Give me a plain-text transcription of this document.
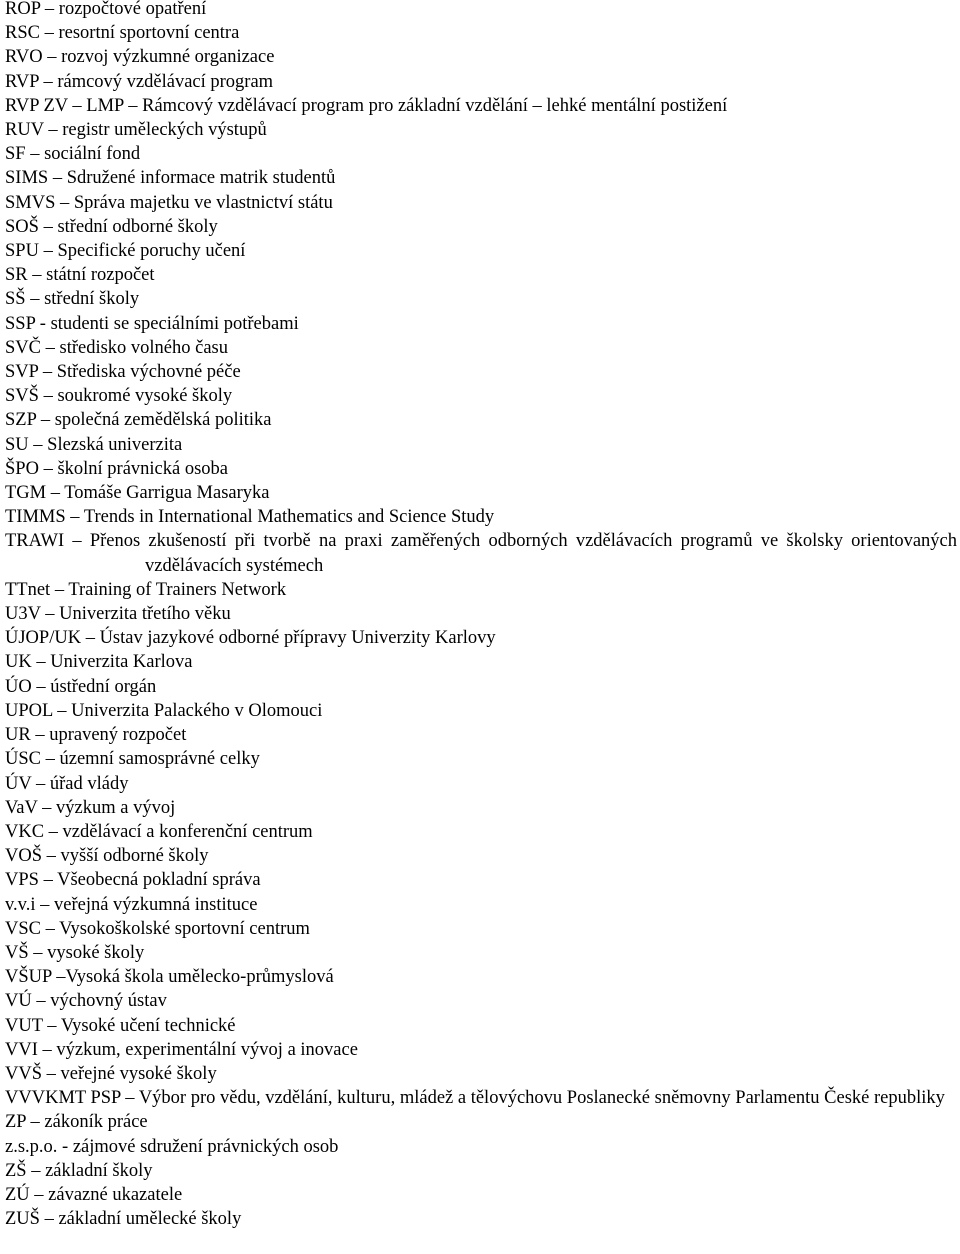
ROP – rozpočtové opatření
RSC – resortní sportovní centra
RVO – rozvoj výzkumné organizace
RVP – rámcový vzdělávací program
RVP ZV – LMP – Rámcový vzdělávací program pro základní vzdělání – lehké mentální postižení
RUV – registr uměleckých výstupů
SF – sociální fond
SIMS – Sdružené informace matrik studentů
SMVS – Správa majetku ve vlastnictví státu
SOŠ – střední odborné školy
SPU – Specifické poruchy učení
SR – státní rozpočet
SŠ – střední školy
SSP - studenti se speciálními potřebami
SVČ – středisko volného času
SVP – Střediska výchovné péče
SVŠ – soukromé vysoké školy
SZP – společná zemědělská politika
SU – Slezská univerzita
ŠPO – školní právnická osoba
TGM – Tomáše Garrigua Masaryka
TIMMS – Trends in International Mathematics and Science Study
TRAWI – Přenos zkušeností při tvorbě na praxi zaměřených odborných vzdělávacích programů ve školsky orientovaných vzdělávacích systémech
TTnet – Training of Trainers Network
U3V – Univerzita třetího věku
ÚJOP/UK – Ústav jazykové odborné přípravy Univerzity Karlovy
UK – Univerzita Karlova
ÚO – ústřední orgán
UPOL – Univerzita Palackého v Olomouci
UR – upravený rozpočet
ÚSC – územní samosprávné celky
ÚV – úřad vlády
VaV – výzkum a vývoj
VKC – vzdělávací a konferenční centrum
VOŠ – vyšší odborné školy
VPS – Všeobecná pokladní správa
v.v.i – veřejná výzkumná instituce
VSC – Vysokoškolské sportovní centrum
VŠ – vysoké školy
VŠUP –Vysoká škola umělecko-průmyslová
VÚ – výchovný ústav
VUT – Vysoké učení technické
VVI – výzkum, experimentální vývoj a inovace
VVŠ – veřejné vysoké školy
VVVKMT PSP – Výbor pro vědu, vzdělání, kulturu, mládež a tělovýchovu Poslanecké sněmovny Parlamentu České republiky
ZP – zákoník práce
z.s.p.o. - zájmové sdružení právnických osob
ZŠ – základní školy
ZÚ – závazné ukazatele
ZUŠ – základní umělecké školy
